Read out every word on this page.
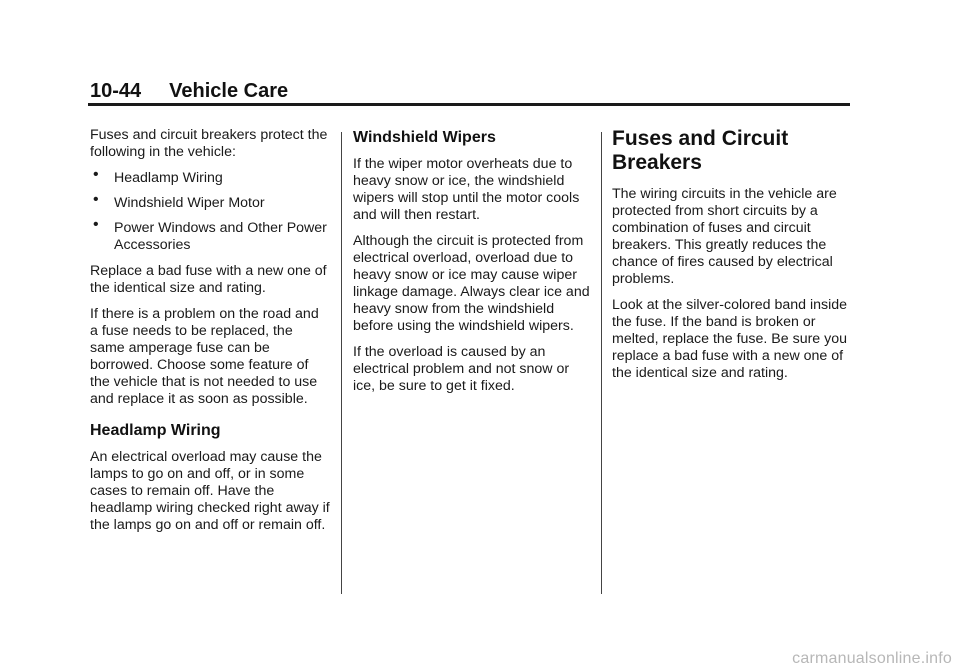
10-44 Vehicle Care

Fuses and circuit breakers protect the following in the vehicle:

• Headlamp Wiring
• Windshield Wiper Motor
• Power Windows and Other Power Accessories

Replace a bad fuse with a new one of the identical size and rating.

If there is a problem on the road and a fuse needs to be replaced, the same amperage fuse can be borrowed. Choose some feature of the vehicle that is not needed to use and replace it as soon as possible.

Headlamp Wiring

An electrical overload may cause the lamps to go on and off, or in some cases to remain off. Have the headlamp wiring checked right away if the lamps go on and off or remain off.

Windshield Wipers

If the wiper motor overheats due to heavy snow or ice, the windshield wipers will stop until the motor cools and will then restart.

Although the circuit is protected from electrical overload, overload due to heavy snow or ice may cause wiper linkage damage. Always clear ice and heavy snow from the windshield before using the windshield wipers.

If the overload is caused by an electrical problem and not snow or ice, be sure to get it fixed.

Fuses and Circuit Breakers

The wiring circuits in the vehicle are protected from short circuits by a combination of fuses and circuit breakers. This greatly reduces the chance of fires caused by electrical problems.

Look at the silver-colored band inside the fuse. If the band is broken or melted, replace the fuse. Be sure you replace a bad fuse with a new one of the identical size and rating.

carmanualsonline.info
